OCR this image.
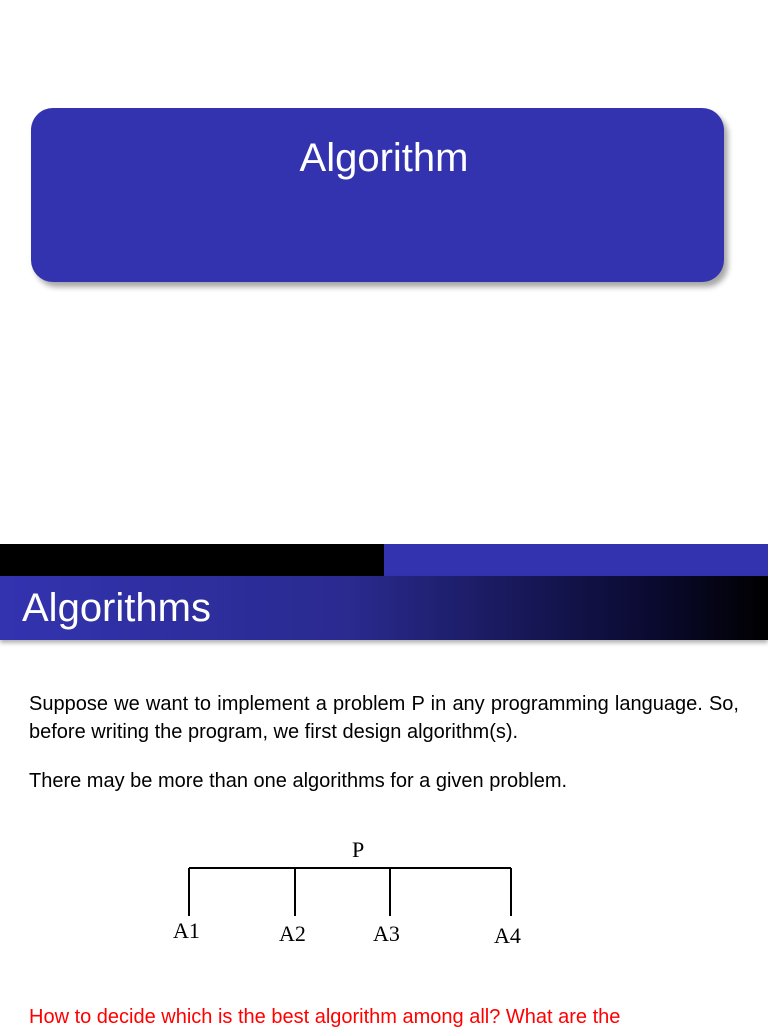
Algorithm
Algorithms
Suppose we want to implement a problem P in any programming language. So, before writing the program, we first design algorithm(s).
There may be more than one algorithms for a given problem.
P
A1	A2	A3	A4
How to decide which is the best algorithm among all? What are the
